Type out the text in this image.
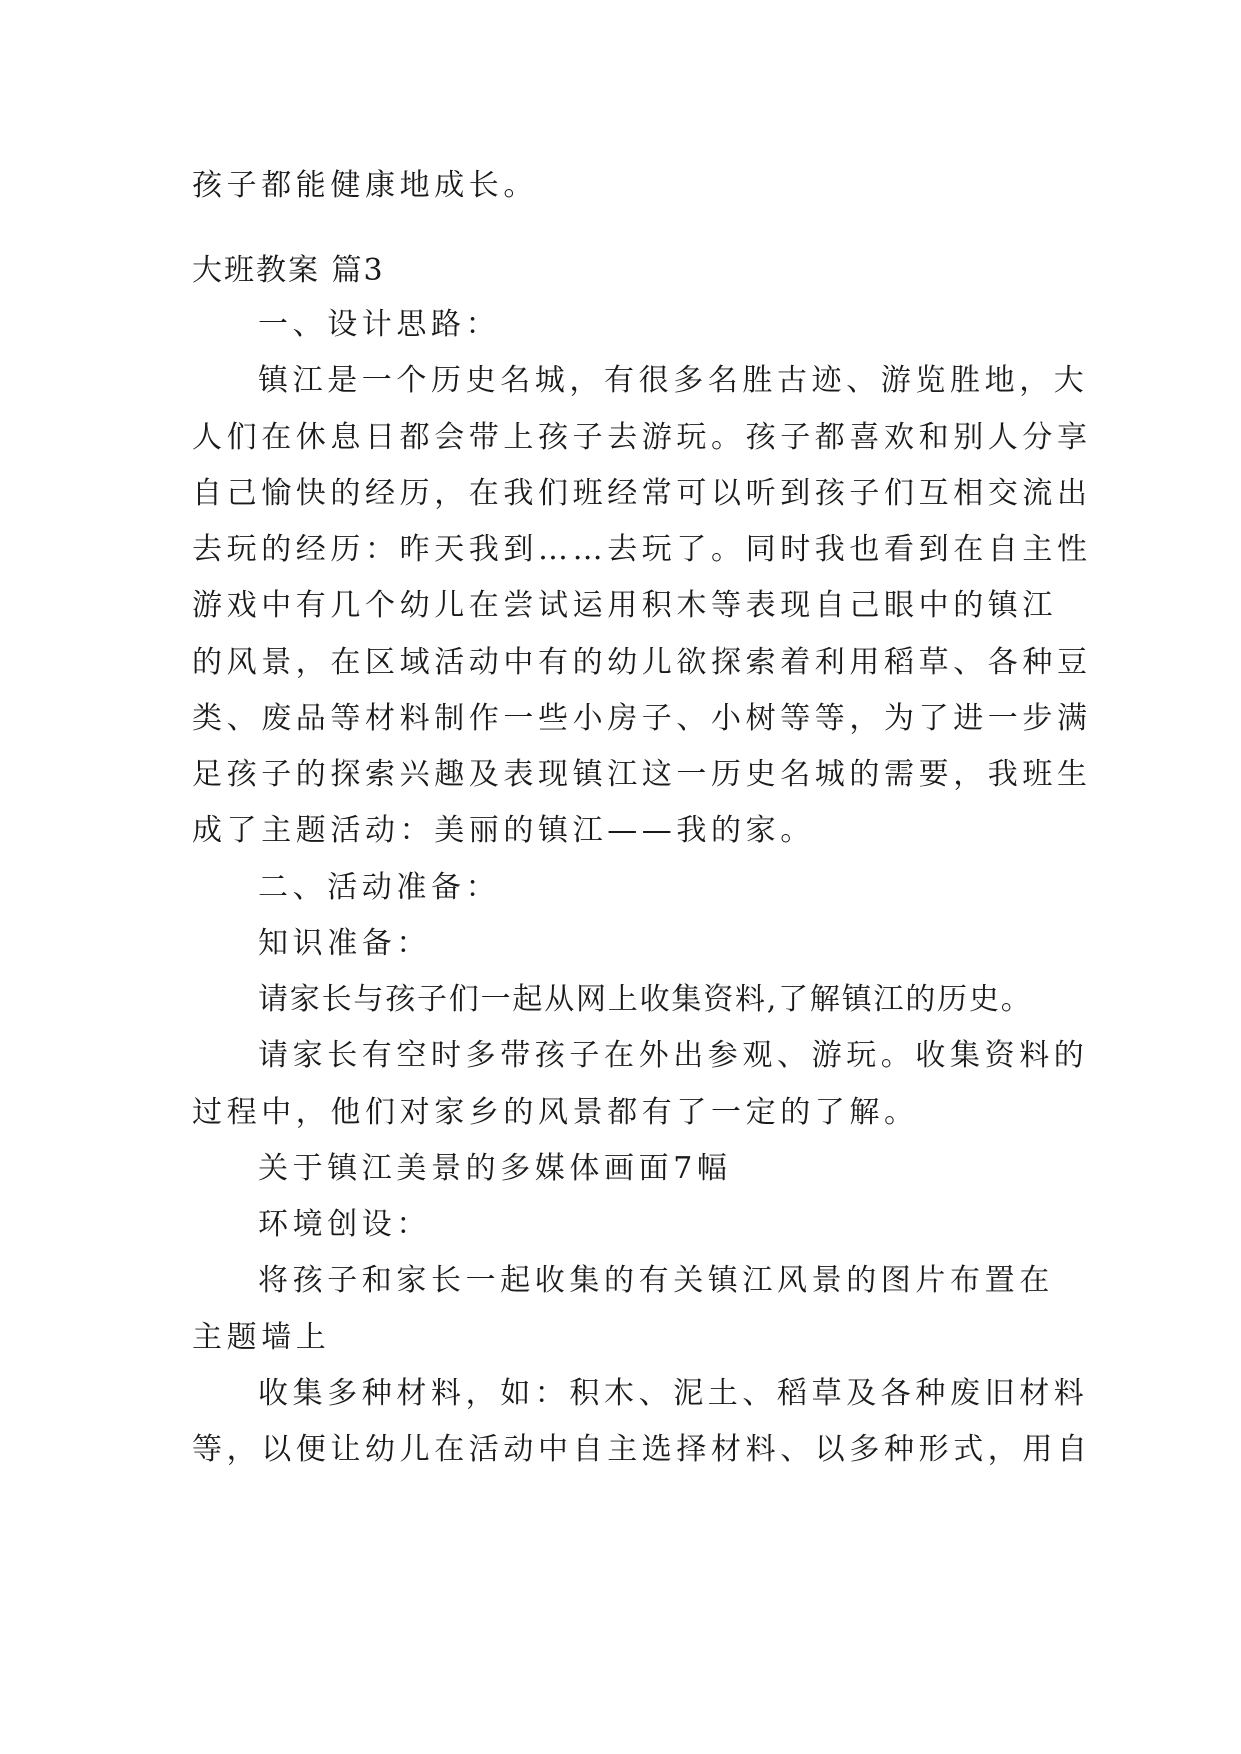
孩子都能健康地成长。
大班教案 篇3
一、设计思路：
镇江是一个历史名城，有很多名胜古迹、游览胜地，大
人们在休息日都会带上孩子去游玩。孩子都喜欢和别人分享
自己愉快的经历，在我们班经常可以听到孩子们互相交流出
去玩的经历：昨天我到……去玩了。同时我也看到在自主性
游戏中有几个幼儿在尝试运用积木等表现自己眼中的镇江
的风景，在区域活动中有的幼儿欲探索着利用稻草、各种豆
类、废品等材料制作一些小房子、小树等等，为了进一步满
足孩子的探索兴趣及表现镇江这一历史名城的需要，我班生
成了主题活动：美丽的镇江——我的家。
二、活动准备：
知识准备：
请家长与孩子们一起从网上收集资料,了解镇江的历史。
请家长有空时多带孩子在外出参观、游玩。收集资料的
过程中，他们对家乡的风景都有了一定的了解。
关于镇江美景的多媒体画面7幅
环境创设：
将孩子和家长一起收集的有关镇江风景的图片布置在
主题墙上
收集多种材料，如：积木、泥土、稻草及各种废旧材料
等，以便让幼儿在活动中自主选择材料、以多种形式，用自
